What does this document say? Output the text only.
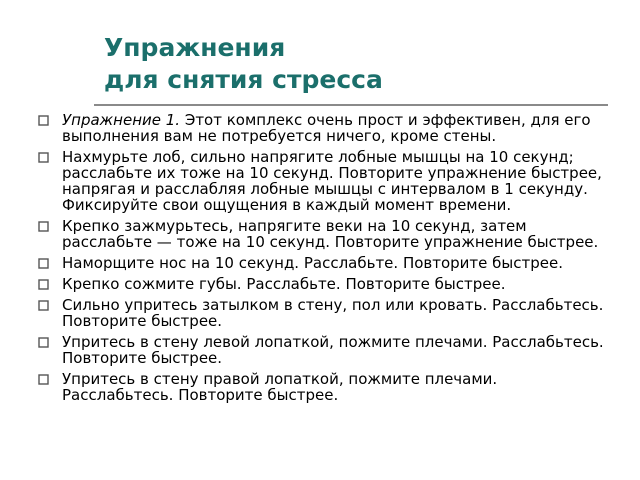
Упражнения
для снятия стресса
Упражнение 1. Этот комплекс очень прост и эффективен, для его выполнения вам не потребуется ничего, кроме стены.
Нахмурьте лоб, сильно напрягите лобные мышцы на 10 секунд; расслабьте их тоже на 10 секунд. Повторите упражнение быстрее, напрягая и расслабляя лобные мышцы с интервалом в 1 секунду. Фиксируйте свои ощущения в каждый момент времени.
Крепко зажмурьтесь, напрягите веки на 10 секунд, затем расслабьте — тоже на 10 секунд. Повторите упражнение быстрее.
Наморщите нос на 10 секунд. Расслабьте. Повторите быстрее.
Крепко сожмите губы. Расслабьте. Повторите быстрее.
Сильно упритесь затылком в стену, пол или кровать. Расслабьтесь. Повторите быстрее.
Упритесь в стену левой лопаткой, пожмите плечами. Расслабьтесь. Повторите быстрее.
Упритесь в стену правой лопаткой, пожмите плечами. Расслабьтесь. Повторите быстрее.
